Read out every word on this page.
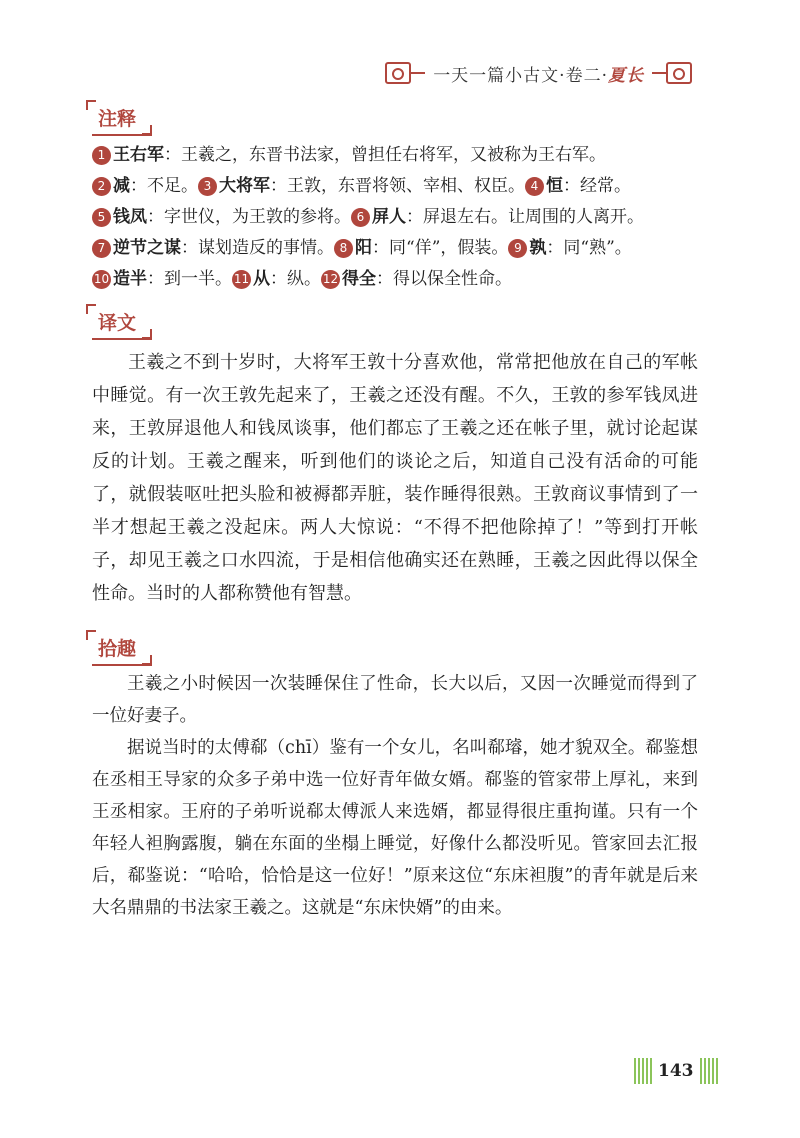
一天一篇小古文·卷二·夏长
注释
1 王右军：王羲之，东晋书法家，曾担任右将军，又被称为王右军。
2 减：不足。 3 大将军：王敦，东晋将领、宰相、权臣。 4 恒：经常。
5 钱凤：字世仪，为王敦的参将。 6 屏人：屏退左右。让周围的人离开。
7 逆节之谋：谋划造反的事情。 8 阳：同“佯”，假装。 9 孰：同“熟”。
10 造半：到一半。 11 从：纵。 12 得全：得以保全性命。
译文

王羲之不到十岁时，大将军王敦十分喜欢他，常常把他放在自己的军帐中睡觉。有一次王敦先起来了，王羲之还没有醒。不久，王敦的参军钱凤进来，王敦屏退他人和钱凤谈事，他们都忘了王羲之还在帐子里，就讨论起谋反的计划。王羲之醒来，听到他们的谈论之后，知道自己没有活命的可能了，就假装呕吐把头脸和被褥都弄脏，装作睡得很熟。王敦商议事情到了一半才想起王羲之没起床。两人大惊说：“不得不把他除掉了！”等到打开帐子，却见王羲之口水四流，于是相信他确实还在熟睡，王羲之因此得以保全性命。当时的人都称赞他有智慧。

拾趣

王羲之小时候因一次装睡保住了性命，长大以后，又因一次睡觉而得到了一位好妻子。

据说当时的太傅郗（chī）鉴有一个女儿，名叫郗璿，她才貌双全。郗鉴想在丞相王导家的众多子弟中选一位好青年做女婿。郗鉴的管家带上厚礼，来到王丞相家。王府的子弟听说郗太傅派人来选婿，都显得很庄重拘谨。只有一个年轻人袒胸露腹，躺在东面的坐榻上睡觉，好像什么都没听见。管家回去汇报后，郗鉴说：“哈哈，恰恰是这一位好！”原来这位“东床袒腹”的青年就是后来大名鼎鼎的书法家王羲之。这就是“东床快婿”的由来。

143
